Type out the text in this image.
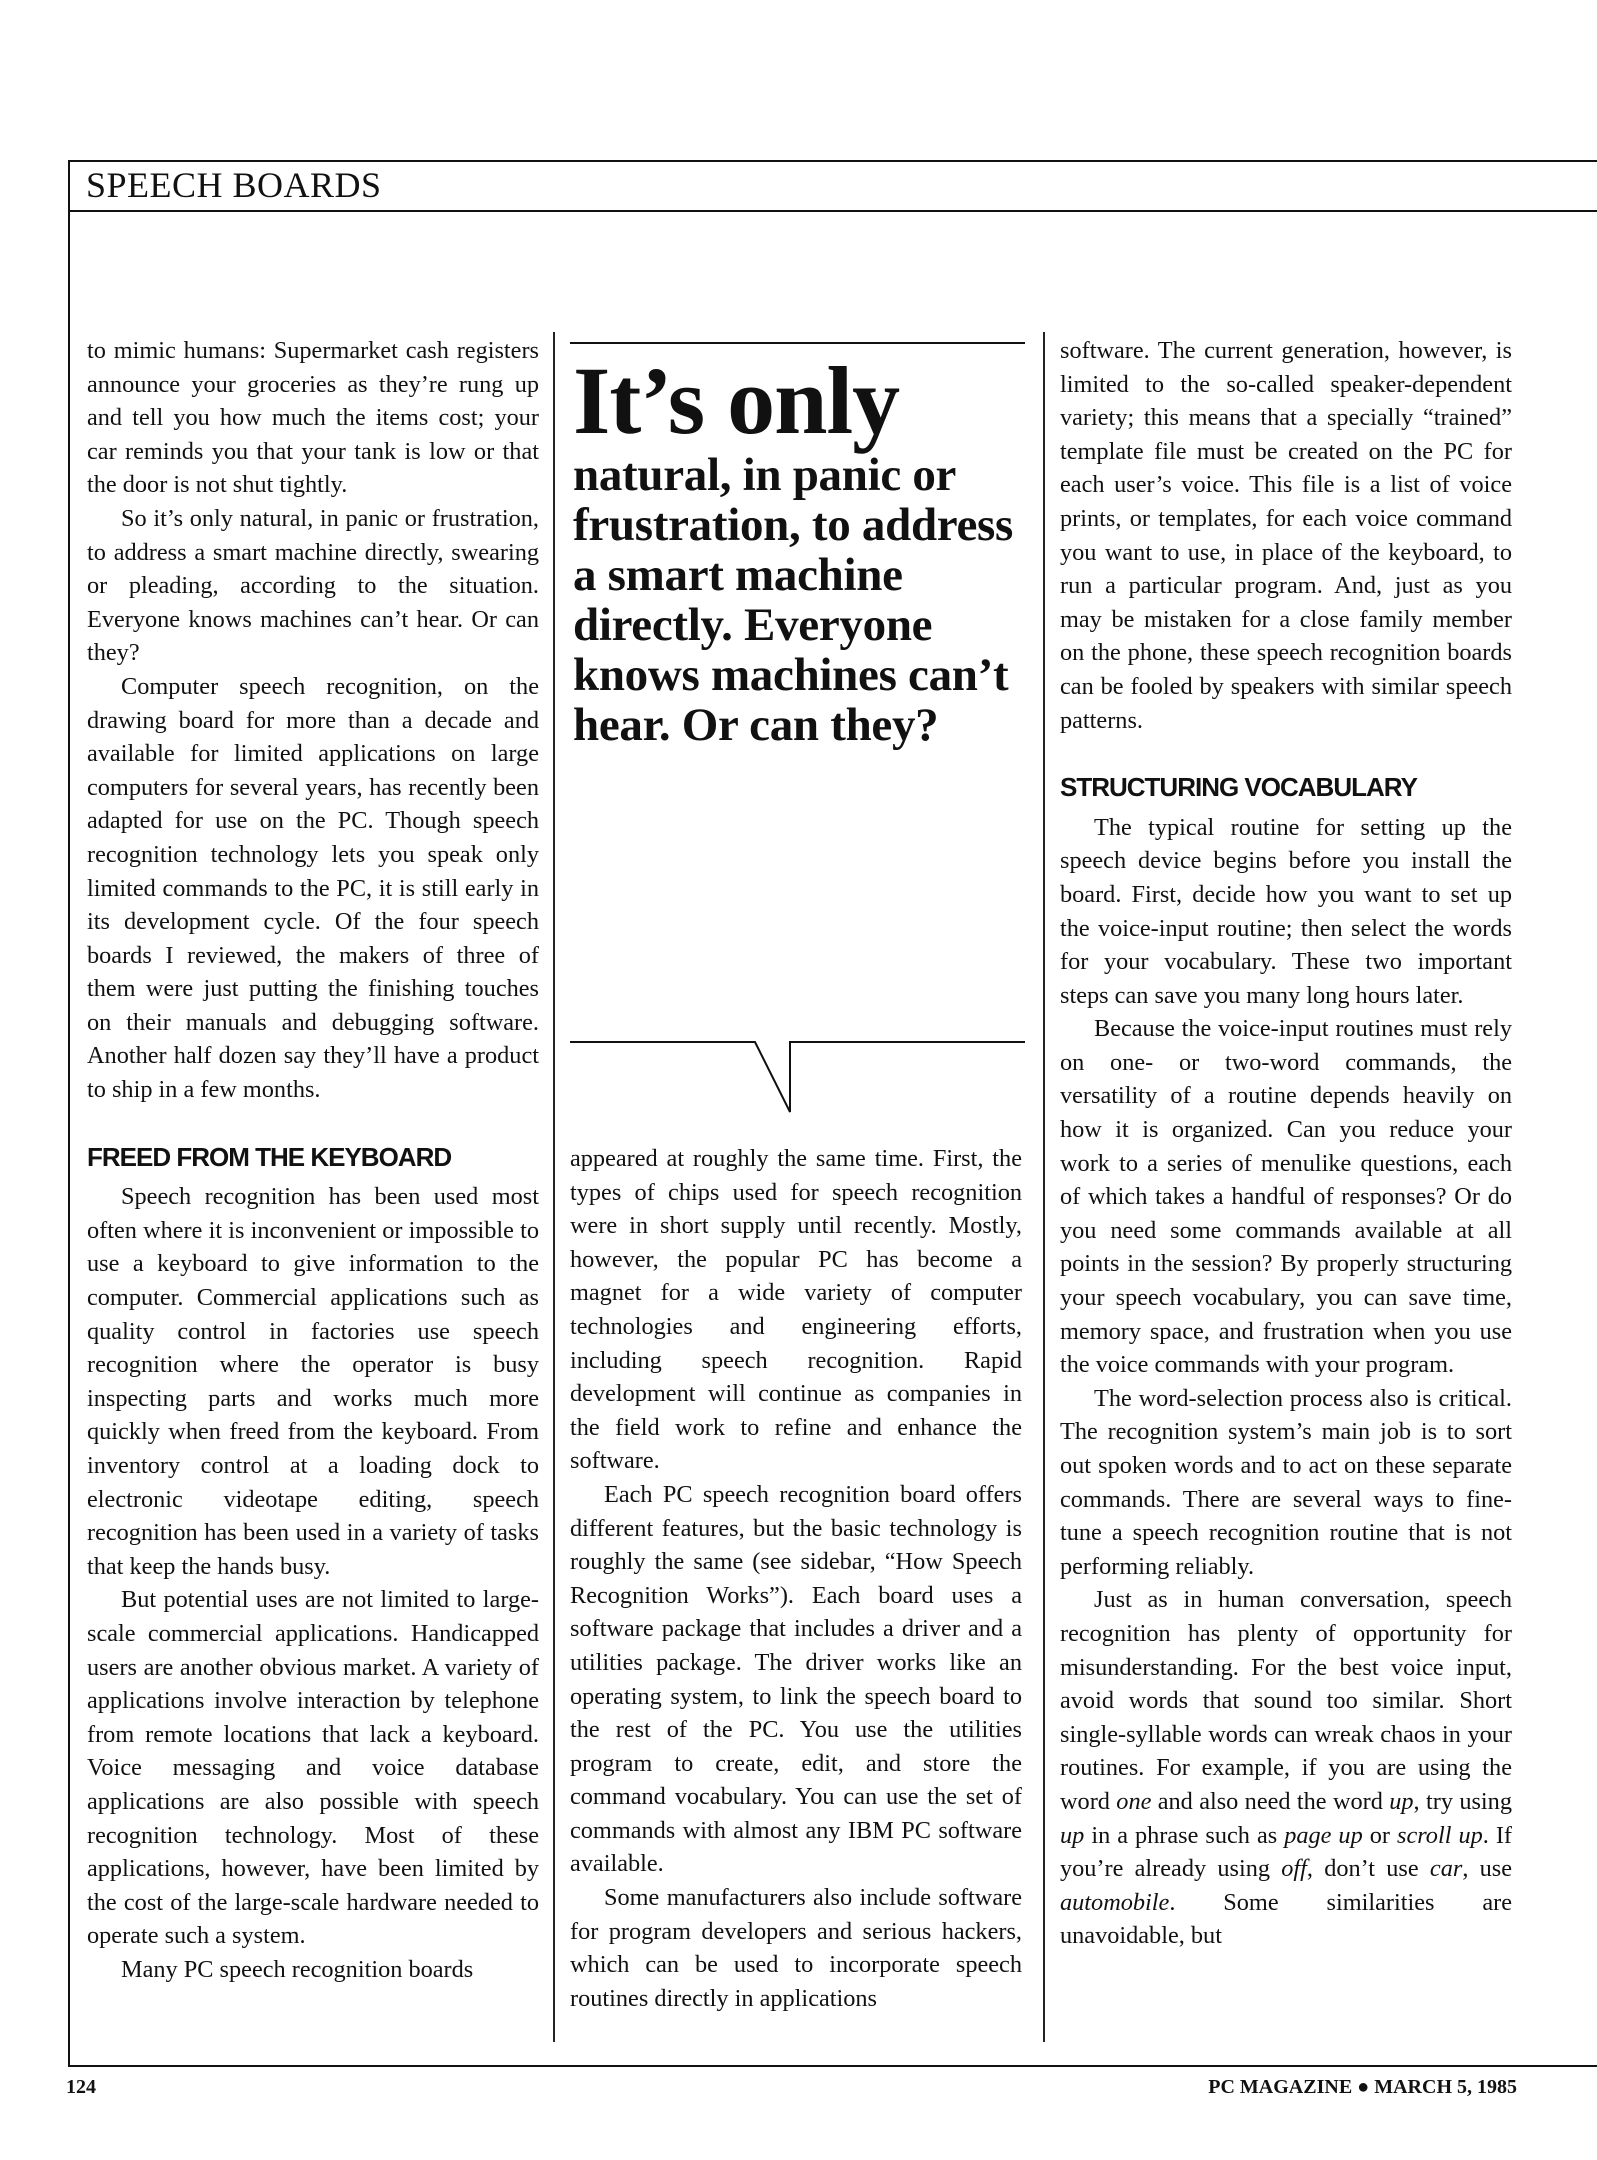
SPEECH BOARDS

to mimic humans: Supermarket cash registers announce your groceries as they’re rung up and tell you how much the items cost; your car reminds you that your tank is low or that the door is not shut tightly.

So it’s only natural, in panic or frustration, to address a smart machine directly, swearing or pleading, according to the situation. Everyone knows machines can’t hear. Or can they?

Computer speech recognition, on the drawing board for more than a decade and available for limited applications on large computers for several years, has recently been adapted for use on the PC. Though speech recognition technology lets you speak only limited commands to the PC, it is still early in its development cycle. Of the four speech boards I reviewed, the makers of three of them were just putting the finishing touches on their manuals and debugging software. Another half dozen say they’ll have a product to ship in a few months.

FREED FROM THE KEYBOARD

Speech recognition has been used most often where it is inconvenient or impossible to use a keyboard to give information to the computer. Commercial applications such as quality control in factories use speech recognition where the operator is busy inspecting parts and works much more quickly when freed from the keyboard. From inventory control at a loading dock to electronic videotape editing, speech recognition has been used in a variety of tasks that keep the hands busy.

But potential uses are not limited to large-scale commercial applications. Handicapped users are another obvious market. A variety of applications involve interaction by telephone from remote locations that lack a keyboard. Voice messaging and voice database applications are also possible with speech recognition technology. Most of these applications, however, have been limited by the cost of the large-scale hardware needed to operate such a system.

Many PC speech recognition boards

It’s only
natural, in panic or frustration, to address a smart machine directly. Everyone knows machines can’t hear. Or can they?

appeared at roughly the same time. First, the types of chips used for speech recognition were in short supply until recently. Mostly, however, the popular PC has become a magnet for a wide variety of computer technologies and engineering efforts, including speech recognition. Rapid development will continue as companies in the field work to refine and enhance the software.

Each PC speech recognition board offers different features, but the basic technology is roughly the same (see sidebar, “How Speech Recognition Works”). Each board uses a software package that includes a driver and a utilities package. The driver works like an operating system, to link the speech board to the rest of the PC. You use the utilities program to create, edit, and store the command vocabulary. You can use the set of commands with almost any IBM PC software available.

Some manufacturers also include software for program developers and serious hackers, which can be used to incorporate speech routines directly in applications

software. The current generation, however, is limited to the so-called speaker-dependent variety; this means that a specially “trained” template file must be created on the PC for each user’s voice. This file is a list of voice prints, or templates, for each voice command you want to use, in place of the keyboard, to run a particular program. And, just as you may be mistaken for a close family member on the phone, these speech recognition boards can be fooled by speakers with similar speech patterns.

STRUCTURING VOCABULARY

The typical routine for setting up the speech device begins before you install the board. First, decide how you want to set up the voice-input routine; then select the words for your vocabulary. These two important steps can save you many long hours later.

Because the voice-input routines must rely on one- or two-word commands, the versatility of a routine depends heavily on how it is organized. Can you reduce your work to a series of menulike questions, each of which takes a handful of responses? Or do you need some commands available at all points in the session? By properly structuring your speech vocabulary, you can save time, memory space, and frustration when you use the voice commands with your program.

The word-selection process also is critical. The recognition system’s main job is to sort out spoken words and to act on these separate commands. There are several ways to fine-tune a speech recognition routine that is not performing reliably.

Just as in human conversation, speech recognition has plenty of opportunity for misunderstanding. For the best voice input, avoid words that sound too similar. Short single-syllable words can wreak chaos in your routines. For example, if you are using the word one and also need the word up, try using up in a phrase such as page up or scroll up. If you’re already using off, don’t use car, use automobile. Some similarities are unavoidable, but

124	PC MAGAZINE ● MARCH 5, 1985
